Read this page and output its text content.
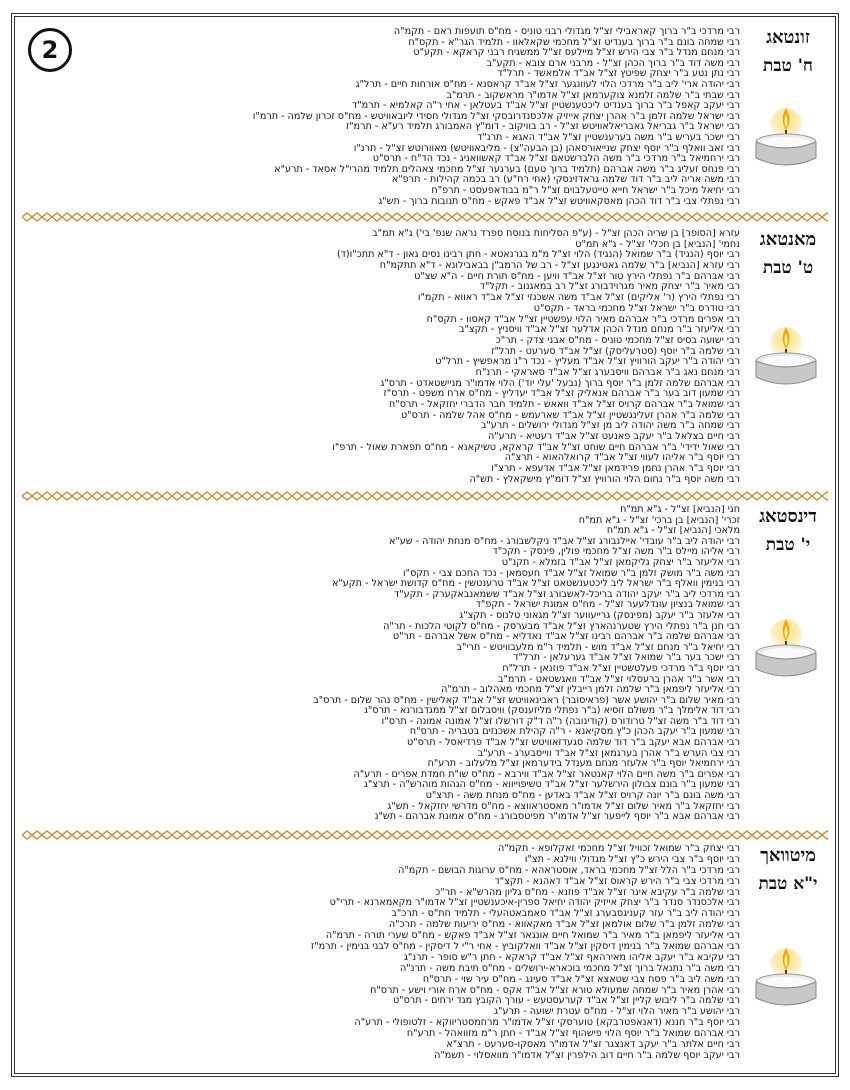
2	זונטאג
ח' טבת
רבי מרדכי ב"ר ברוך קאראבילי זצ"ל מגדולי רבני טוניס - מח"ס תועפות ראם - תקמ"ה
רבי שמחה בונם ב"ר ברוך בענדיט זצ"ל מחכמי שקאלאוו - תלמיד הגר"א - תקס"ח
רבי מנחם מנדל ב"ר צבי הירש זצ"ל מיילעס זצ"ל ממשגיח רבני קראקא - תקע"ט
רבי משה דוד ב"ר ברוך הכהן זצ"ל - מרבני ארם צובא - תקע"ב
רבי נתן נטע ב"ר יצחק שפיטץ זצ"ל אב"ד אלמאשד - תרל"ד
רבי יהודה ארי' ליב ב"ר מרדכי הלוי לעוונגער זצ"ל אב"ד קראסנא - מח"ס אורחות חיים - תרל"ג
רבי שבתי ב"ר שלמה זלמנא צוקערמאן זצ"ל אדמו"ר מראשקוב - תרמ"ב
רבי יעקב קאפל ב"ר ברוך בענדיט ליכטענשטיין זצ"ל אב"ד בעטלאן - אחי ר"ה קאלמיא - תרמ"ד
רבי ישראל שלמה זלמן ב"ר אהרן יצחק אייזיק אלכסנדרובסקי זצ"ל מגדולי חסידי ליובאוויטש - מח"ס זכרון שלמה - תרמ"ו
רבי ישראל ב"ר גבריאל גאבריאלאוויטש זצ"ל - רב בוויקוב - דומ"ץ האמבורג תלמיד רע"א - תרמ"ז
רבי ישכר בעריש ב"ר משה בערענשטיין זצ"ל אב"ד האגא - תרנ"ד
רבי זאב וואלף ב"ר יוסף יצחק שנייאורסאהן (בן הבעה"צ) - מליבאוויטש) מאוורוטש זצ"ל - תרנ"ו
רבי ירחמיאל ב"ר מרדכי ב"ר משה הלברשטאם זצ"ל אב"ד קאשוואניג - נכד הד"ח - תרס"ט
רבי פנחס זעליג ב"ר משה אברהם (תלמיד ברוך טעם) בערגער זצ"ל מחכמי צאהלים תלמיד מהרי"ל אסאד - תרע"א
רבי משה אריה ליב ב"ר דוד שלמה גראדזינסקי (אחי רח"ע) רב בכמה קהילות - תרפ"א
רבי יחיאל מיכל ב"ר ישראל חייא טייטעלבוים זצ"ל ר"מ בבודאפעסט - תרפ"ח
רבי נפתלי צבי ב"ר דוד הכהן מאסקאוויטש זצ"ל אב"ד פאקש - מח"ס תנובות ברוך - תש"ג
מאנטאג
ט' טבת
עזרא [הסופר] בן שריה הכהן זצ"ל - (ע"פ הסליחות בנוסח ספרד נראה שנפ' בי') ג"א תמ"ב
נחמי' [הנביא] בן חכלי' זצ"ל - ג"א תמ"ט
רבי יוסף (הנגיד) ב"ר שמואל (הנגיד) הלוי זצ"ל מ"מ בגרנאטא - חתן רבינו נסים גאון - ד"א תתכ"ו(ד)
רבי עזרא [הנביא] ב"ר שלמה גאטינגען זצ"ל - רב של הרמב"ן בבאבילונא - ד"א תתקמ"ח
רבי אברהם ב"ר נפתלי הירץ טור זצ"ל אב"ד וויען - מח"ס תורת חיים - ה"א שצ"ט
רבי מאיר ב"ר יצחק מאיר מגרוידבורג זצ"ל רב במאגנוב - תקל"ד
רבי נפתלי הירץ (ר' אליקים) זצ"ל אב"ד משה אשכנזי זצ"ל אב"ד ראווא - תקמ"ו
רבי טודרס ב"ר ישראל זצ"ל מחכמי בראד - תקס"ט
רבי אפרים מרדכי ב"ר אברהם מאיר הלוי עפשטיין זצ"ל אב"ד קאסוו - תקס"ח
רבי אליעזר ב"ר מנחם מנדל הכהן אדלער זצ"ל אב"ד וויסניץ - תקצ"ב
רבי ישועה בסיס זצ"ל מחכמי טוניס - מח"ס אבני צדק - תר"כ
רבי שלמה ב"ר יוסף (סטרעליסק) זצ"ל אב"ד סערעט - תרל"ז
רבי יהודה ב"ר יעקב הורוויץ זצ"ל אב"ד מעליץ - נכד ר"נ מראפשיץ - תרל"ט
רבי מנחם נאג ב"ר אברהם וויסבערג זצ"ל אב"ד סאראקי - תרנ"ח
רבי אברהם שלמה זלמן ב"ר יוסף ברוך (נבעל 'עלי יוד') הלוי אדמו"ר מניישטאדט - תרס"ג
רבי שמעון דוב בער ב"ר אברהם אנאליק זצ"ל אב"ד יעדליץ - מח"ס ארח משפט - תרס"ז
רבי שמואל ב"ר אברהם קרויס זצ"ל אב"ד וואאש - תלמיד חבר הדברי יחזקאל - תרס"ח
רבי שלמה ב"ר אהרן זעלינגשטיין זצ"ל אב"ד שארעמש - מח"ס אהל שלמה - תרס"ט
רבי שמחה ב"ר משה יהודה ליב מן זצ"ל מגדולי ירושלים - תרע"ב
רבי חיים בצלאל ב"ר יעקב פאנעט זצ"ל אב"ד רעטיא - תרע"ה
רבי שאול ידידי' ב"ר אברהם חיים שוחט זצ"ל אב"ד קראקא, טשיקאנא - מח"ס תפארת שאול - תרפ"ו
רבי יוסף ב"ר אליהו לעווי זצ"ל אב"ד קרואלהאוא - תרצ"ה
רבי יוסף ב"ר אהרן נחמן פרידמאן זצ"ל אב"ד אדעפא - תרצ"ו
רבי משה יוסף ב"ר נחום הלוי הורוויץ זצ"ל דומ"ץ מישקאלץ - תש"ה
דינסטאג
י' טבת
חגי [הנביא] זצ"ל - ג"א תמ"ח
זכרי' [הנביא] בן ברכי' זצ"ל - ג"א תמ"ח
מלאכי [הנביא] זצ"ל - ג"א תמ"ח
רבי יהודה ליב ב"ר עובדי' איילנבורג זצ"ל אב"ד ניקלשבורג - מח"ס מנחת יהודה - שע"א
רבי אליהו מיילס ב"ר משה זצ"ל מחכמי פולין, פינסק - תקכ"ד
רבי אליעזר ב"ר יצחק גליקמאן זצ"ל אב"ד בזמלא - תקנ"ט
רבי משה ב"ר מושק זלמן ב"ר שמואל זצ"ל אב"ד חעסמאן - נכד החכם צבי - תקס"ו
רבי בנימין וואלף ב"ר ישראל ליב ליכטענשטאט זצ"ל אב"ד טרענטשין - מח"ס קדושת ישראל - תקע"א
רבי מרדכי ליב ב"ר יעקב יהודה בריכל-לאשבורג זצ"ל אב"ד ששמאנבאקערק - תקע"ד
רבי שמואל בנציון עונדלעער זצ"ל - מח"ס אמונת ישראל - תקפ"ד
רבי אלעזר ב"ר יעקב (מפינסק) גרייעווער זצ"ל מגאוני טלנוס - תקצ"ג
רבי חנן ב"ר נפתלי הירץ שטערנהארץ זצ"ל אב"ד מבערסק - מח"ס לקוטי הלכות - תר"ה
רבי אברהם שלמה ב"ר אברהם רבינו זצ"ל אב"ד נאדליא - מח"ס אשל אברהם - תר"ט
רבי יחיאל ב"ר מנחם זצ"ל אב"ד מוש - תלמיד ר"מ מלעבוויטש - תרי"ב
רבי ישכר בער ב"ר שמואל זצ"ל אב"ד גערעלאן - תרל"ד
רבי יוסף ב"ר מרדכי פעלטשטיין זצ"ל אב"ד פוזנאן - תרל"ח
רבי אשר ב"ר אהרן ברעסלוי זצ"ל אב"ד וואגשטאט - תרמ"ב
רבי אליעזר ליפמאן ב"ר שלמה זלמן רייבלין זצ"ל מחכמי מאהלוב - תרמ"ה
רבי מאיר שלום ב"ר יהושע אשר (פראיסובר) ראבינאוויטש זצ"ל אב"ד קאלישין - מח"ס נהר שלום - תרס"ב
רבי דוד אלימלך ב"ר משולם זוסיא (ב"ר נפתלי מליזענסק) וויסבלום זצ"ל ממגדבורנא - תרס"ג
רבי דוד ב"ר משה זצ"ל טרודורס (קודינובה) ר"ה ד"ק דורשלו זצ"ל אמונה אמונה - תרס"ו
רבי שמעון ב"ר יעקב הכהן כ"ץ מסקיאנא - ר"ה קהילת אשכנזים בטבריה - תרס"ח
רבי אברהם אבא יעקב ב"ר דוד שלמה סגעדזאוויטש זצ"ל אב"ד פרדיאסל - תרס"ט
רבי צבי הערש ב"ר אהרן בערגמאן זצ"ל אב"ד ווייסבערג - תרע"ב
רבי ירחמיאל יוסף ב"ר אלעזר מנחם מענדל בידערמאן זצ"ל מלעלוב - תרע"ח
רבי אפרים ב"ר משה חיים הלוי קאנטאר זצ"ל אב"ד ווירבא - מח"ס שו"ת חמדת אפרים - תרע"ה
רבי שמעון ב"ר בונם צבולון הירשלער זצ"ל אב"ד טשיפוייווא - מח"ס הגהות מוהרש"ה - תרצ"ג
רבי משה בונם ב"ר יונה קרויס זצ"ל אב"ד באדען - מח"ס מנחת משה - תרצ"ט
רבי יחזקאל ב"ר מאיר שלום זצ"ל אדמו"ר מאסטראווצא - מח"ס מדרשי יחזקאל - תש"ג
רבי אברהם אבא ב"ר יוסף לייפער זצ"ל אדמו"ר מפיטסבורג - מח"ס אמונת אברהם - תש"נ
מיטוואך
י"א טבת
רבי יצחק ב"ר שמואל זכוויל זצ"ל מחכמי זאקלופא - תקמ"ה
רבי יוסף ב"ר צבי הירש כ"ץ זצ"ל מגדולי ווילנא - תצ"ו
רבי מרדכי ב"ר הלל זצ"ל מחכמי בראד, אוסטראהא - מח"ס ערוגות הבושם - תקמ"ה
רבי מרדכי צבי ב"ר הירש קראוס זצ"ל אב"ד דאהנא - תקצ"ד
רבי שלמה ב"ר עקיבא איגר זצ"ל אב"ד פוזנא - מח"ס גליון מהרש"א - תר"כ
רבי אלכסנדר סנדר ב"ר יצחק אייזיק יהודה יחיאל ספרין-איכענשטיין זצ"ל אדמו"ר מקאמארנא - תרי"ט
רבי יהודה ליב ב"ר עזר קעניגסבערג זצ"ל אב"ד סאמבאטהעלי - תלמיד חת"ס - תרכ"ב
רבי שלמה זלמן ב"ר שלום אולמאן זצ"ל אב"ד מאקאווא - מח"ס יריעות שלמה - תרכ"ה
רבי אליעזר ליפמאן ב"ר מאיר ב"ר שמואל חיים אונגאר זצ"ל אב"ד פאקש - מח"ס שערי תורה - תרמ"ה
רבי אברהם שמואל ב"ר בנימין דיסקין זצ"ל אב"ד וואלקוביץ - אחי ר"י ל דיסקין - מח"ס לבני בנימין - תרמ"ז
רבי עקיבא ב"ר יעקב אליהו מאירהאף זצ"ל אב"ד קראקא - חתן ר"ש סופר - תרנ"ג
רבי משה ב"ר נתנאל ברוך זצ"ל מחכמי בוכארא-ירושלים - מח"ס תיבת משה - תרנ"ה
רבי משה ליב ב"ר פסח צבי שטאצא זצ"ל אב"ד סעינג - מח"ס עיר שוי - תרס"ח
רבי אהרן מאיר ב"ר שמחה שמעולא טורא זצ"ל אב"ד אקס - מח"ס ארח אורי וישע - תרס"ח
רבי שלמה ב"ר ליבוש קליין זצ"ל אב"ד קערעסטעש - עורך הקובץ מגד ירחים - תרס"ט
רבי יהושע ב"ר מאיר הלוי זצ"ל - מח"ס עטרת ישועה - תרע"ג
רבי יוסף ב"ר חננא (דאנאפטרבקא) טוערסקי זצ"ל אדמו"ר מרחמסטריווקא - זלטופולי - תרע"ה
רבי אברהם שמואל ב"ר יוסף הלוי פישהוף זצ"ל אב"ד - חתן ר"מ מזוואהל - תרע"ח
רבי חיים אלתר ב"ר יעקב דאנצגר זצ"ל אדמו"ר מאסקו-סערעט - תרצ"א
רבי יעקב יוסף שלמה ב"ר חיים דוב הילפרין זצ"ל אדמו"ר מוואסלוי - תשמ"ה
